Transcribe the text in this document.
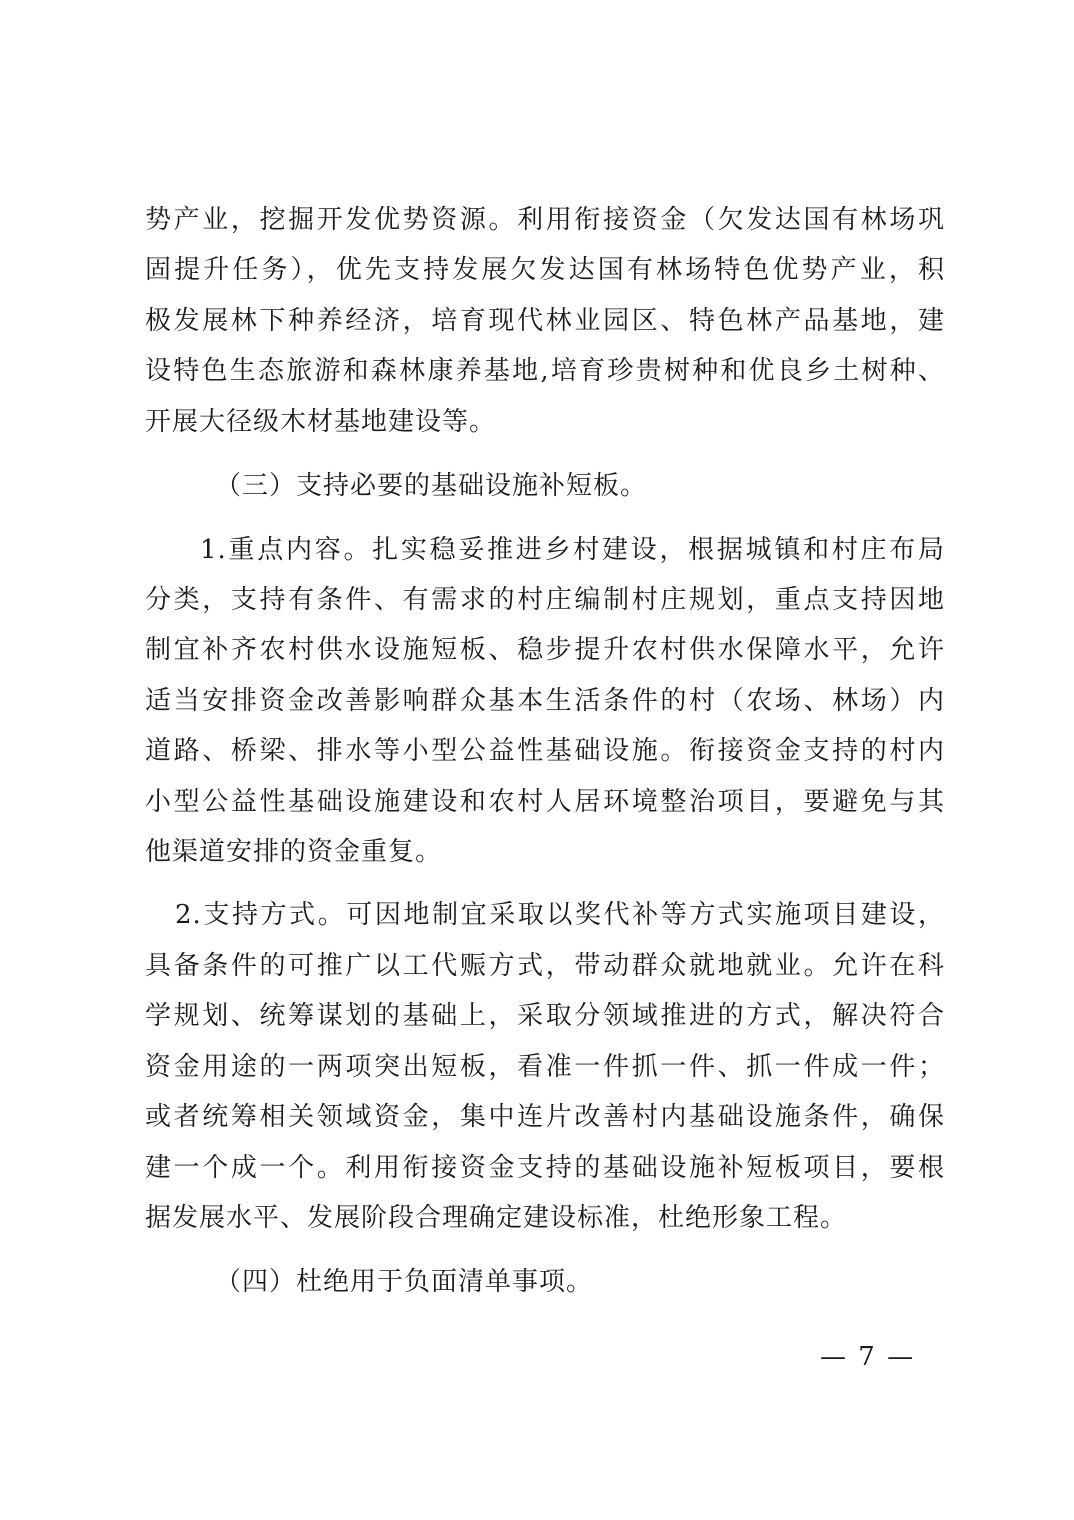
势产业，挖掘开发优势资源。利用衔接资金（欠发达国有林场巩
固提升任务），优先支持发展欠发达国有林场特色优势产业，积
极发展林下种养经济，培育现代林业园区、特色林产品基地，建
设特色生态旅游和森林康养基地,培育珍贵树种和优良乡土树种、
开展大径级木材基地建设等。
（三）支持必要的基础设施补短板。
1.重点内容。扎实稳妥推进乡村建设，根据城镇和村庄布局
分类，支持有条件、有需求的村庄编制村庄规划，重点支持因地
制宜补齐农村供水设施短板、稳步提升农村供水保障水平，允许
适当安排资金改善影响群众基本生活条件的村（农场、林场）内
道路、桥梁、排水等小型公益性基础设施。衔接资金支持的村内
小型公益性基础设施建设和农村人居环境整治项目，要避免与其
他渠道安排的资金重复。
2.支持方式。可因地制宜采取以奖代补等方式实施项目建设，
具备条件的可推广以工代赈方式，带动群众就地就业。允许在科
学规划、统筹谋划的基础上，采取分领域推进的方式，解决符合
资金用途的一两项突出短板，看准一件抓一件、抓一件成一件；
或者统筹相关领域资金，集中连片改善村内基础设施条件，确保
建一个成一个。利用衔接资金支持的基础设施补短板项目，要根
据发展水平、发展阶段合理确定建设标准，杜绝形象工程。
（四）杜绝用于负面清单事项。
— 7 —
